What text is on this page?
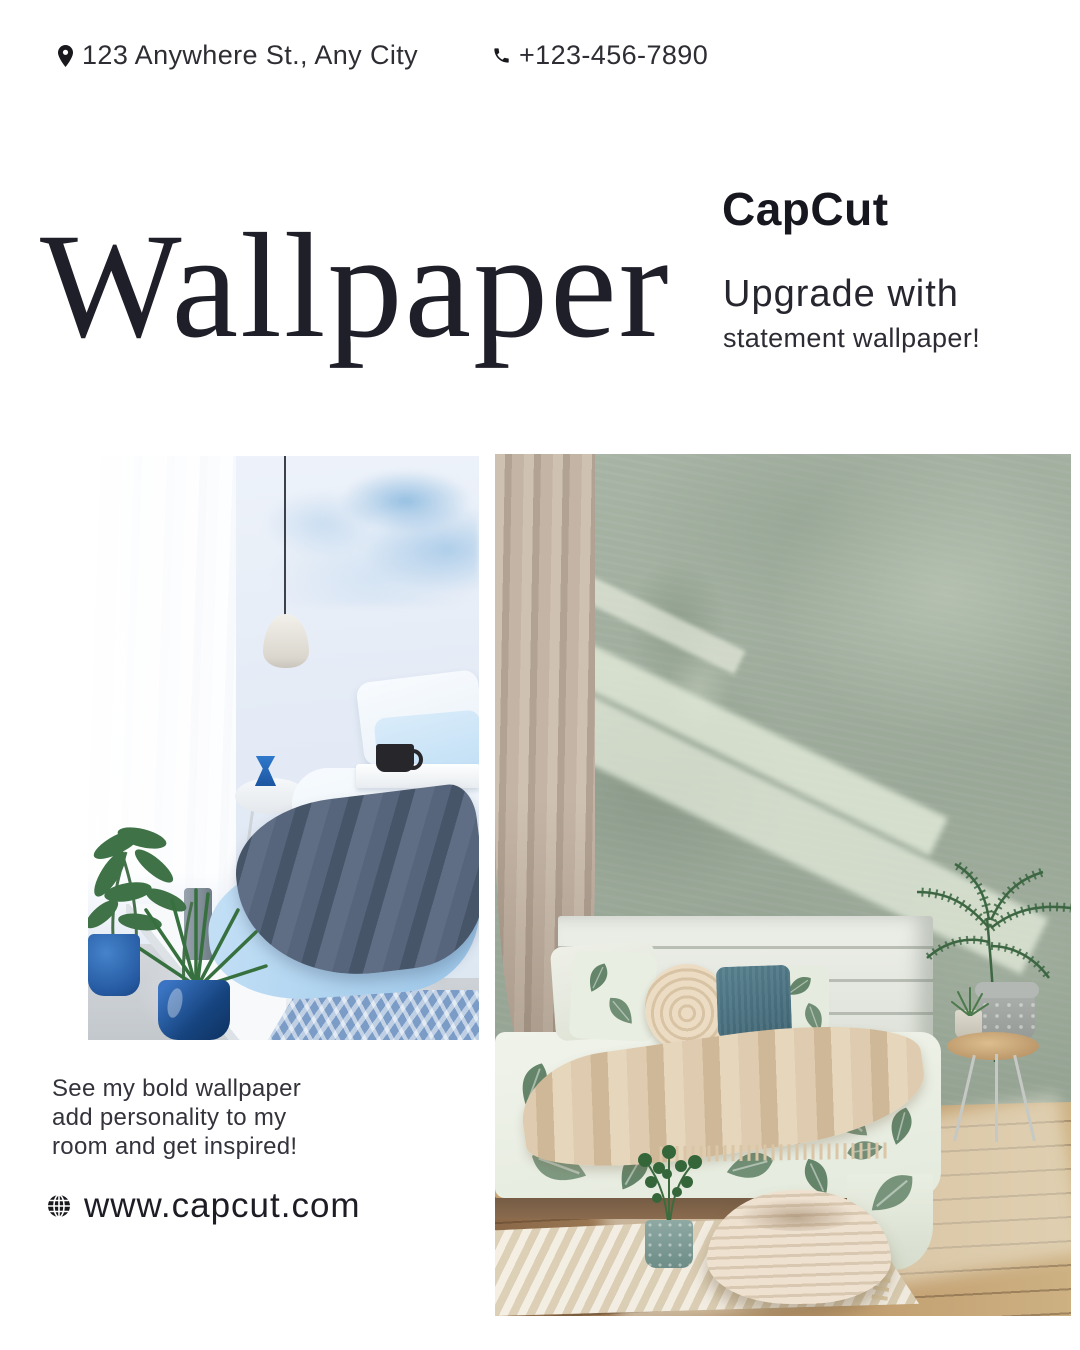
123 Anywhere St., Any City	+123-456-7890
Wallpaper CapCut
Upgrade with
statement wallpaper!
See my bold wallpaper
add personality to my
room and get inspired!
www.capcut.com
